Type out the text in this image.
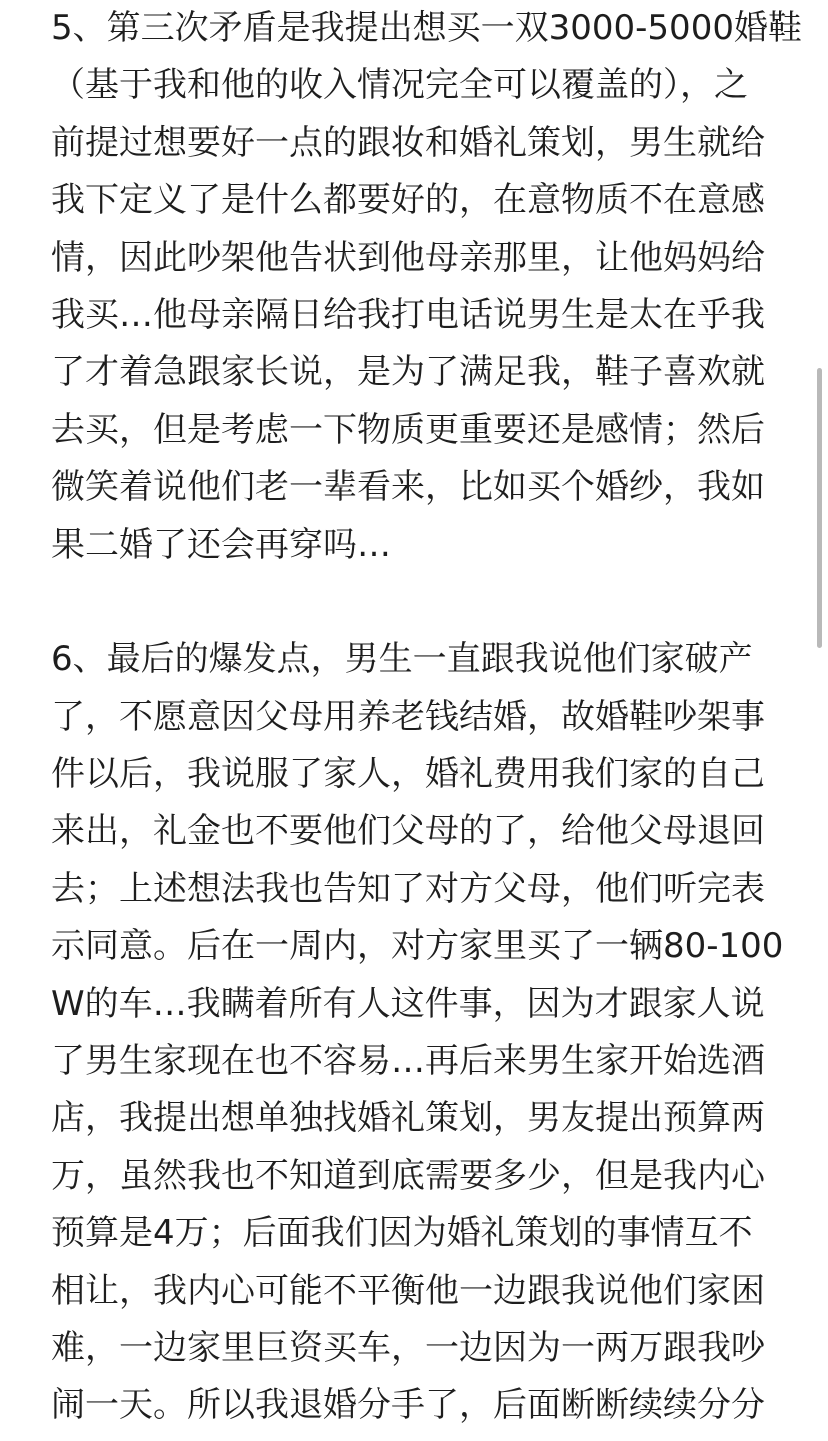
5、第三次矛盾是我提出想买一双3000-5000婚鞋
（基于我和他的收入情况完全可以覆盖的），之
前提过想要好一点的跟妆和婚礼策划，男生就给
我下定义了是什么都要好的，在意物质不在意感
情，因此吵架他告状到他母亲那里，让他妈妈给
我买…他母亲隔日给我打电话说男生是太在乎我
了才着急跟家长说，是为了满足我，鞋子喜欢就
去买，但是考虑一下物质更重要还是感情；然后
微笑着说他们老一辈看来，比如买个婚纱，我如
果二婚了还会再穿吗…
6、最后的爆发点，男生一直跟我说他们家破产
了，不愿意因父母用养老钱结婚，故婚鞋吵架事
件以后，我说服了家人，婚礼费用我们家的自己
来出，礼金也不要他们父母的了，给他父母退回
去；上述想法我也告知了对方父母，他们听完表
示同意。后在一周内，对方家里买了一辆80-100
W的车…我瞒着所有人这件事，因为才跟家人说
了男生家现在也不容易…再后来男生家开始选酒
店，我提出想单独找婚礼策划，男友提出预算两
万，虽然我也不知道到底需要多少，但是我内心
预算是4万；后面我们因为婚礼策划的事情互不
相让，我内心可能不平衡他一边跟我说他们家困
难，一边家里巨资买车，一边因为一两万跟我吵
闹一天。所以我退婚分手了，后面断断续续分分
